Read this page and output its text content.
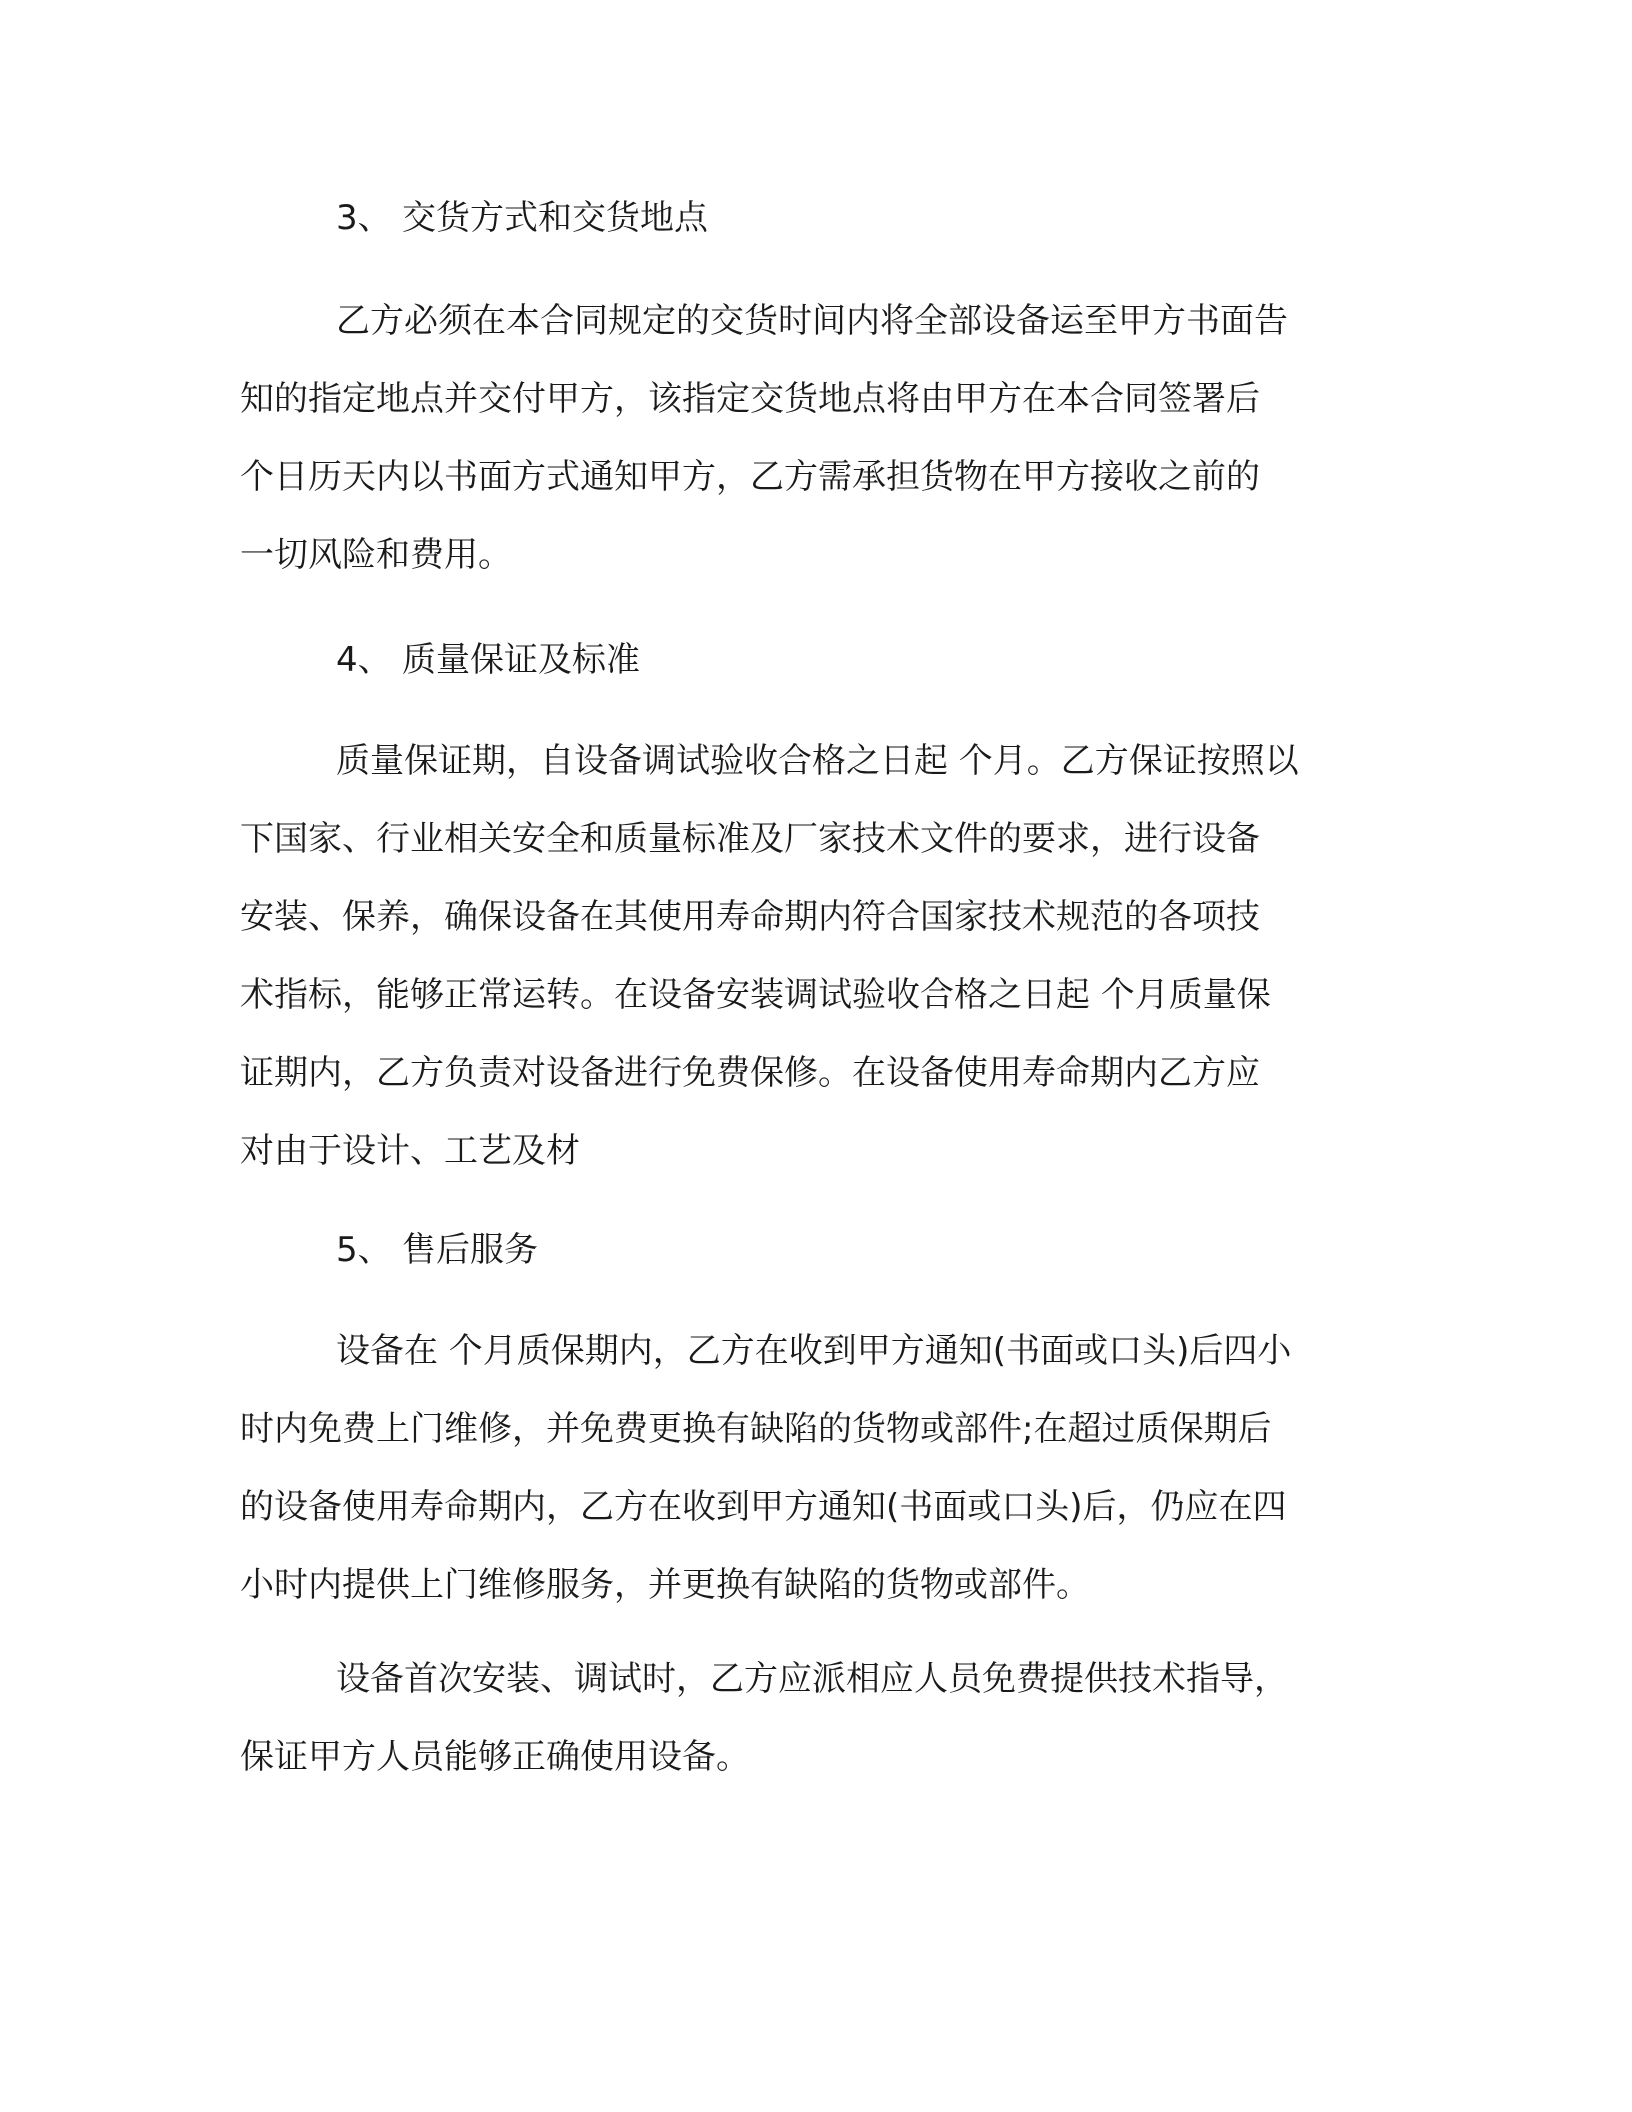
3、 交货方式和交货地点
乙方必须在本合同规定的交货时间内将全部设备运至甲方书面告
知的指定地点并交付甲方，该指定交货地点将由甲方在本合同签署后
个日历天内以书面方式通知甲方，乙方需承担货物在甲方接收之前的
一切风险和费用。
4、 质量保证及标准
质量保证期，自设备调试验收合格之日起 个月。乙方保证按照以
下国家、行业相关安全和质量标准及厂家技术文件的要求，进行设备
安装、保养，确保设备在其使用寿命期内符合国家技术规范的各项技
术指标，能够正常运转。在设备安装调试验收合格之日起 个月质量保
证期内，乙方负责对设备进行免费保修。在设备使用寿命期内乙方应
对由于设计、工艺及材
5、 售后服务
设备在 个月质保期内，乙方在收到甲方通知(书面或口头)后四小
时内免费上门维修，并免费更换有缺陷的货物或部件;在超过质保期后
的设备使用寿命期内，乙方在收到甲方通知(书面或口头)后，仍应在四
小时内提供上门维修服务，并更换有缺陷的货物或部件。
设备首次安装、调试时，乙方应派相应人员免费提供技术指导，
保证甲方人员能够正确使用设备。
